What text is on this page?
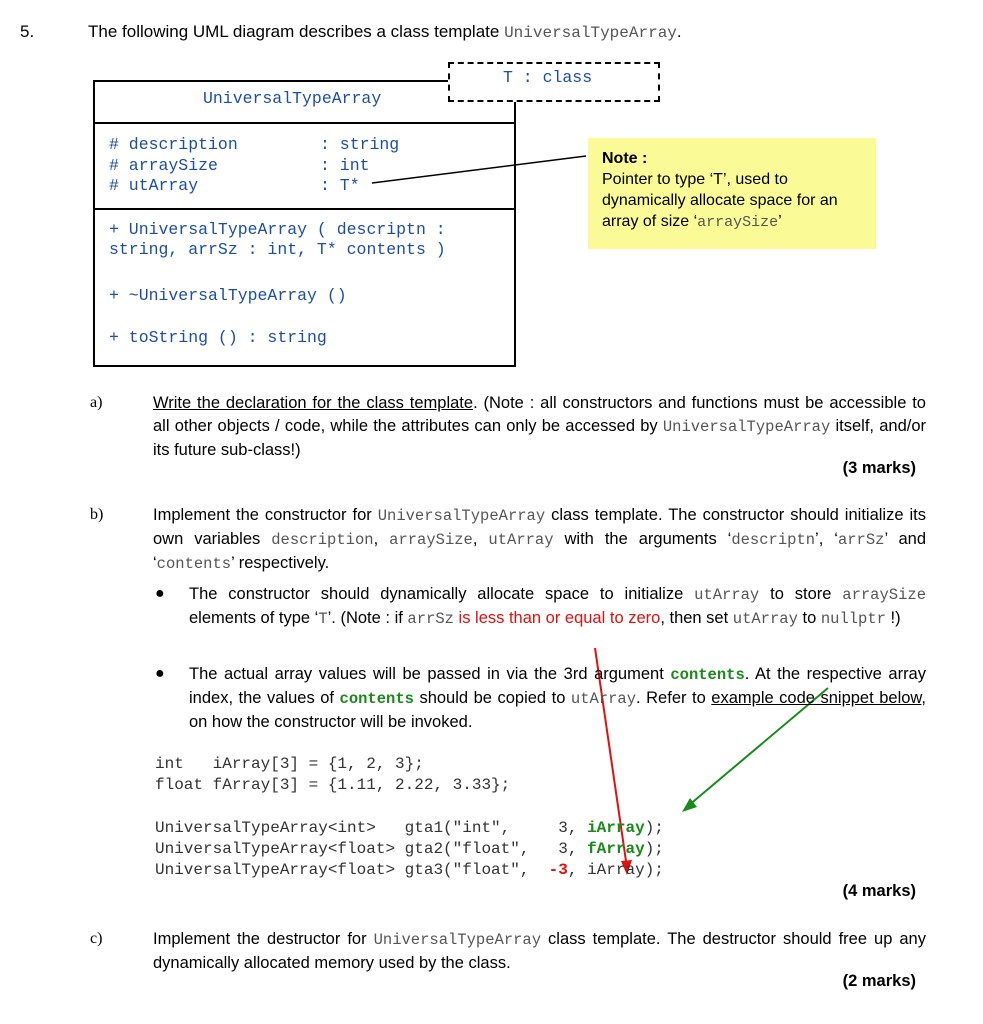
5.	The following UML diagram describes a class template UniversalTypeArray.
UniversalTypeArray
T : class
# description	: string
# arraySize	: int
# utArray	: T*
+ UniversalTypeArray ( descriptn :
string, arrSz : int, T* contents )
+ ~UniversalTypeArray ()
+ toString () : string
Note :
Pointer to type ‘T’, used to dynamically allocate space for an array of size ‘arraySize’
a)	Write the declaration for the class template. (Note : all constructors and functions must be accessible to all other objects / code, while the attributes can only be accessed by UniversalTypeArray itself, and/or its future sub-class!)
(3 marks)
b)	Implement the constructor for UniversalTypeArray class template. The constructor should initialize its own variables description, arraySize, utArray with the arguments ‘descriptn’, ‘arrSz’ and ‘contents’ respectively.
● The constructor should dynamically allocate space to initialize utArray to store arraySize elements of type ‘T’. (Note : if arrSz is less than or equal to zero, then set utArray to nullptr !)
● The actual array values will be passed in via the 3rd argument contents. At the respective array index, the values of contents should be copied to utArray. Refer to example code snippet below, on how the constructor will be invoked.
int   iArray[3] = {1, 2, 3};
float fArray[3] = {1.11, 2.22, 3.33};
UniversalTypeArray<int>   gta1("int",     3, iArray);
UniversalTypeArray<float> gta2("float",   3, fArray);
UniversalTypeArray<float> gta3("float",  -3, iArray);
(4 marks)
c)	Implement the destructor for UniversalTypeArray class template. The destructor should free up any dynamically allocated memory used by the class.
(2 marks)
